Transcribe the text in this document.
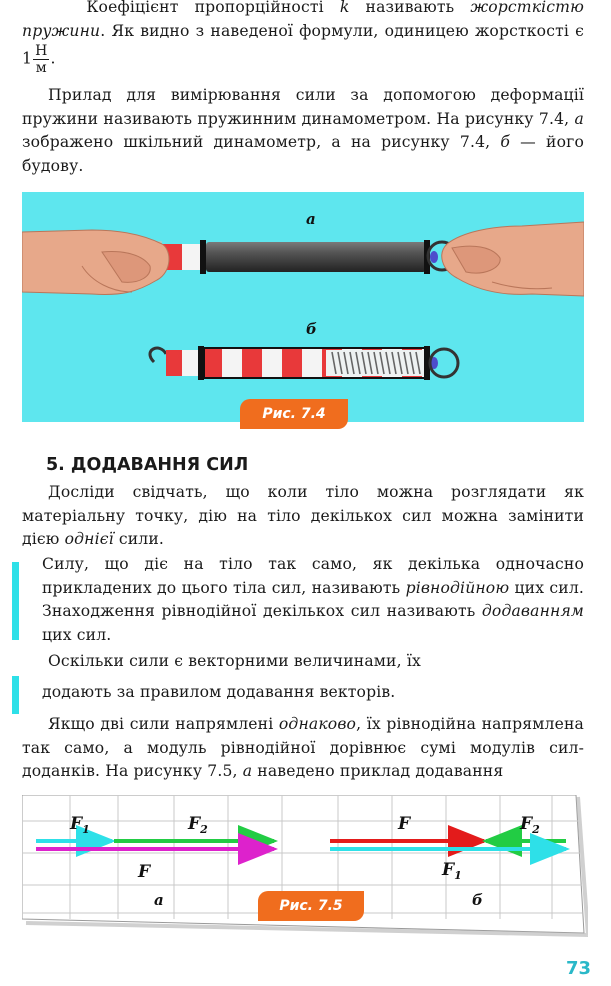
Коефіцієнт пропорційності k називають жорсткістю пружини. Як видно з наведеної формули, одиницею жорсткості є $1 \frac{Н}{м}$ .
Прилад для вимірювання сили за допомогою деформації пружини називають пружинним динамометром. На рисунку 7.4, а зображено шкільний динамометр, а на рисунку 7.4, б — його будову.
а
б
Рис. 7.4
5. ДОДАВАННЯ СИЛ
Досліди свідчать, що коли тіло можна розглядати як матеріальну точку, дію на тіло декількох сил можна замінити дією однієї сили.
Силу, що діє на тіло так само, як декілька одночасно прикладених до цього тіла сил, називають рівнодійною цих сил. Знаходження рівнодійної декількох сил називають додаванням цих сил.
Оскільки сили є векторними величинами, їх
додають за правилом додавання векторів.
Якщо дві сили напрямлені однаково, їх рівнодійна напрямлена так само, а модуль рівнодійної дорівнює сумі модулів сил-доданків. На рисунку 7.5, а наведено приклад додавання
$F_1$	$F_2$
F
F	$F_2$
$F_1$
а	б
Рис. 7.5
73
